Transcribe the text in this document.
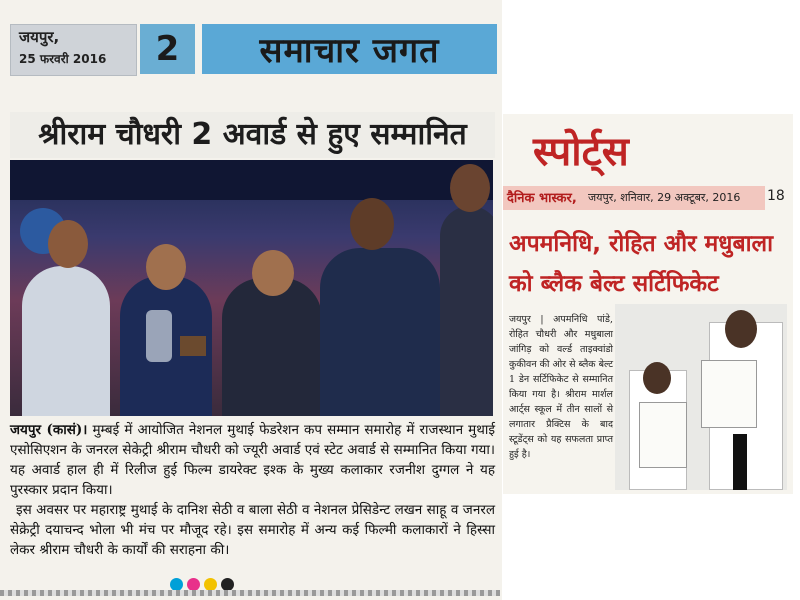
जयपुर,
25 फरवरी 2016	2	समाचार जगत
श्रीराम चौधरी 2 अवार्ड से हुए सम्मानित

जयपुर (कासं)। मुम्बई में आयोजित नेशनल मुथाई फेडरेशन कप सम्मान समारोह में राजस्थान मुथाई एसोसिएशन के जनरल सेकेट्री श्रीराम चौधरी को ज्यूरी अवार्ड एवं स्टेट अवार्ड से सम्मानित किया गया। यह अवार्ड हाल ही में रिलीज हुई फिल्म डायरेक्ट इश्क के मुख्य कलाकार रजनीश दुग्गल ने यह पुरस्कार प्रदान किया।

इस अवसर पर महाराष्ट्र मुथाई के दानिश सेठी व बाला सेठी व नेशनल प्रेसिडेन्ट लखन साहू व जनरल सेक्रेट्री दयाचन्द भोला भी मंच पर मौजूद रहे। इस समारोह में अन्य कई फिल्मी कलाकारों ने हिस्सा लेकर श्रीराम चौधरी के कार्यों की सराहना की।

स्पोर्ट्स
दैनिक भास्कर, जयपुर, शनिवार, 29 अक्टूबर, 2016 18
अपमनिधि, रोहित और मधुबाला को ब्लैक बेल्ट सर्टिफिकेट
जयपुर | अपमनिधि पांडे, रोहित चौधरी और मधुबाला जांगिड़ को वर्ल्ड ताइक्वांडो कुकीवन की ओर से ब्लैक बेल्ट 1 डेन सर्टिफिकेट से सम्मानित किया गया है। श्रीराम मार्शल आर्ट्स स्कूल में तीन सालों से लगातार प्रैक्टिस के बाद स्टूडेंट्स को यह सफलता प्राप्त हुई है।
